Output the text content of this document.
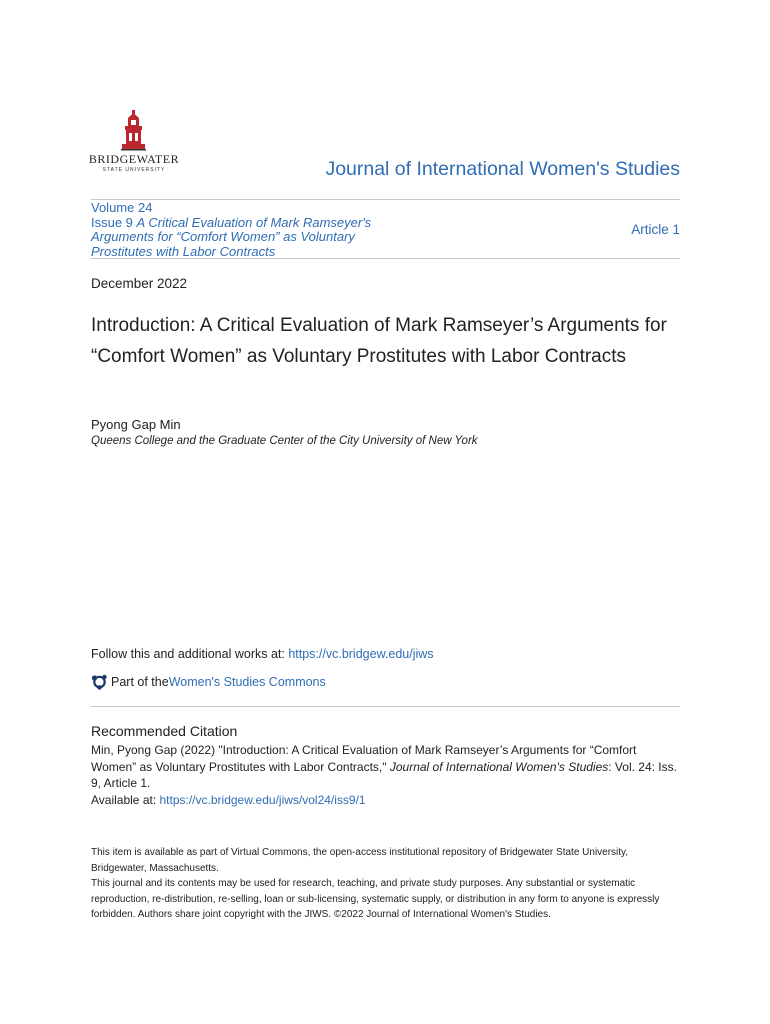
BRIDGEWATER
STATE UNIVERSITY	Journal of International Women's Studies
Volume 24
Issue 9 A Critical Evaluation of Mark Ramseyer's Arguments for “Comfort Women” as Voluntary Prostitutes with Labor Contracts
Article 1
December 2022
Introduction: A Critical Evaluation of Mark Ramseyer’s Arguments for “Comfort Women” as Voluntary Prostitutes with Labor Contracts
Pyong Gap Min
Queens College and the Graduate Center of the City University of New York
Follow this and additional works at: https://vc.bridgew.edu/jiws
Part of the Women's Studies Commons
Recommended Citation
Min, Pyong Gap (2022) "Introduction: A Critical Evaluation of Mark Ramseyer’s Arguments for “Comfort Women” as Voluntary Prostitutes with Labor Contracts," Journal of International Women's Studies: Vol. 24: Iss. 9, Article 1.
Available at: https://vc.bridgew.edu/jiws/vol24/iss9/1

This item is available as part of Virtual Commons, the open-access institutional repository of Bridgewater State University, Bridgewater, Massachusetts.

This journal and its contents may be used for research, teaching, and private study purposes. Any substantial or systematic reproduction, re-distribution, re-selling, loan or sub-licensing, systematic supply, or distribution in any form to anyone is expressly forbidden. Authors share joint copyright with the JIWS. ©2022 Journal of International Women's Studies.
